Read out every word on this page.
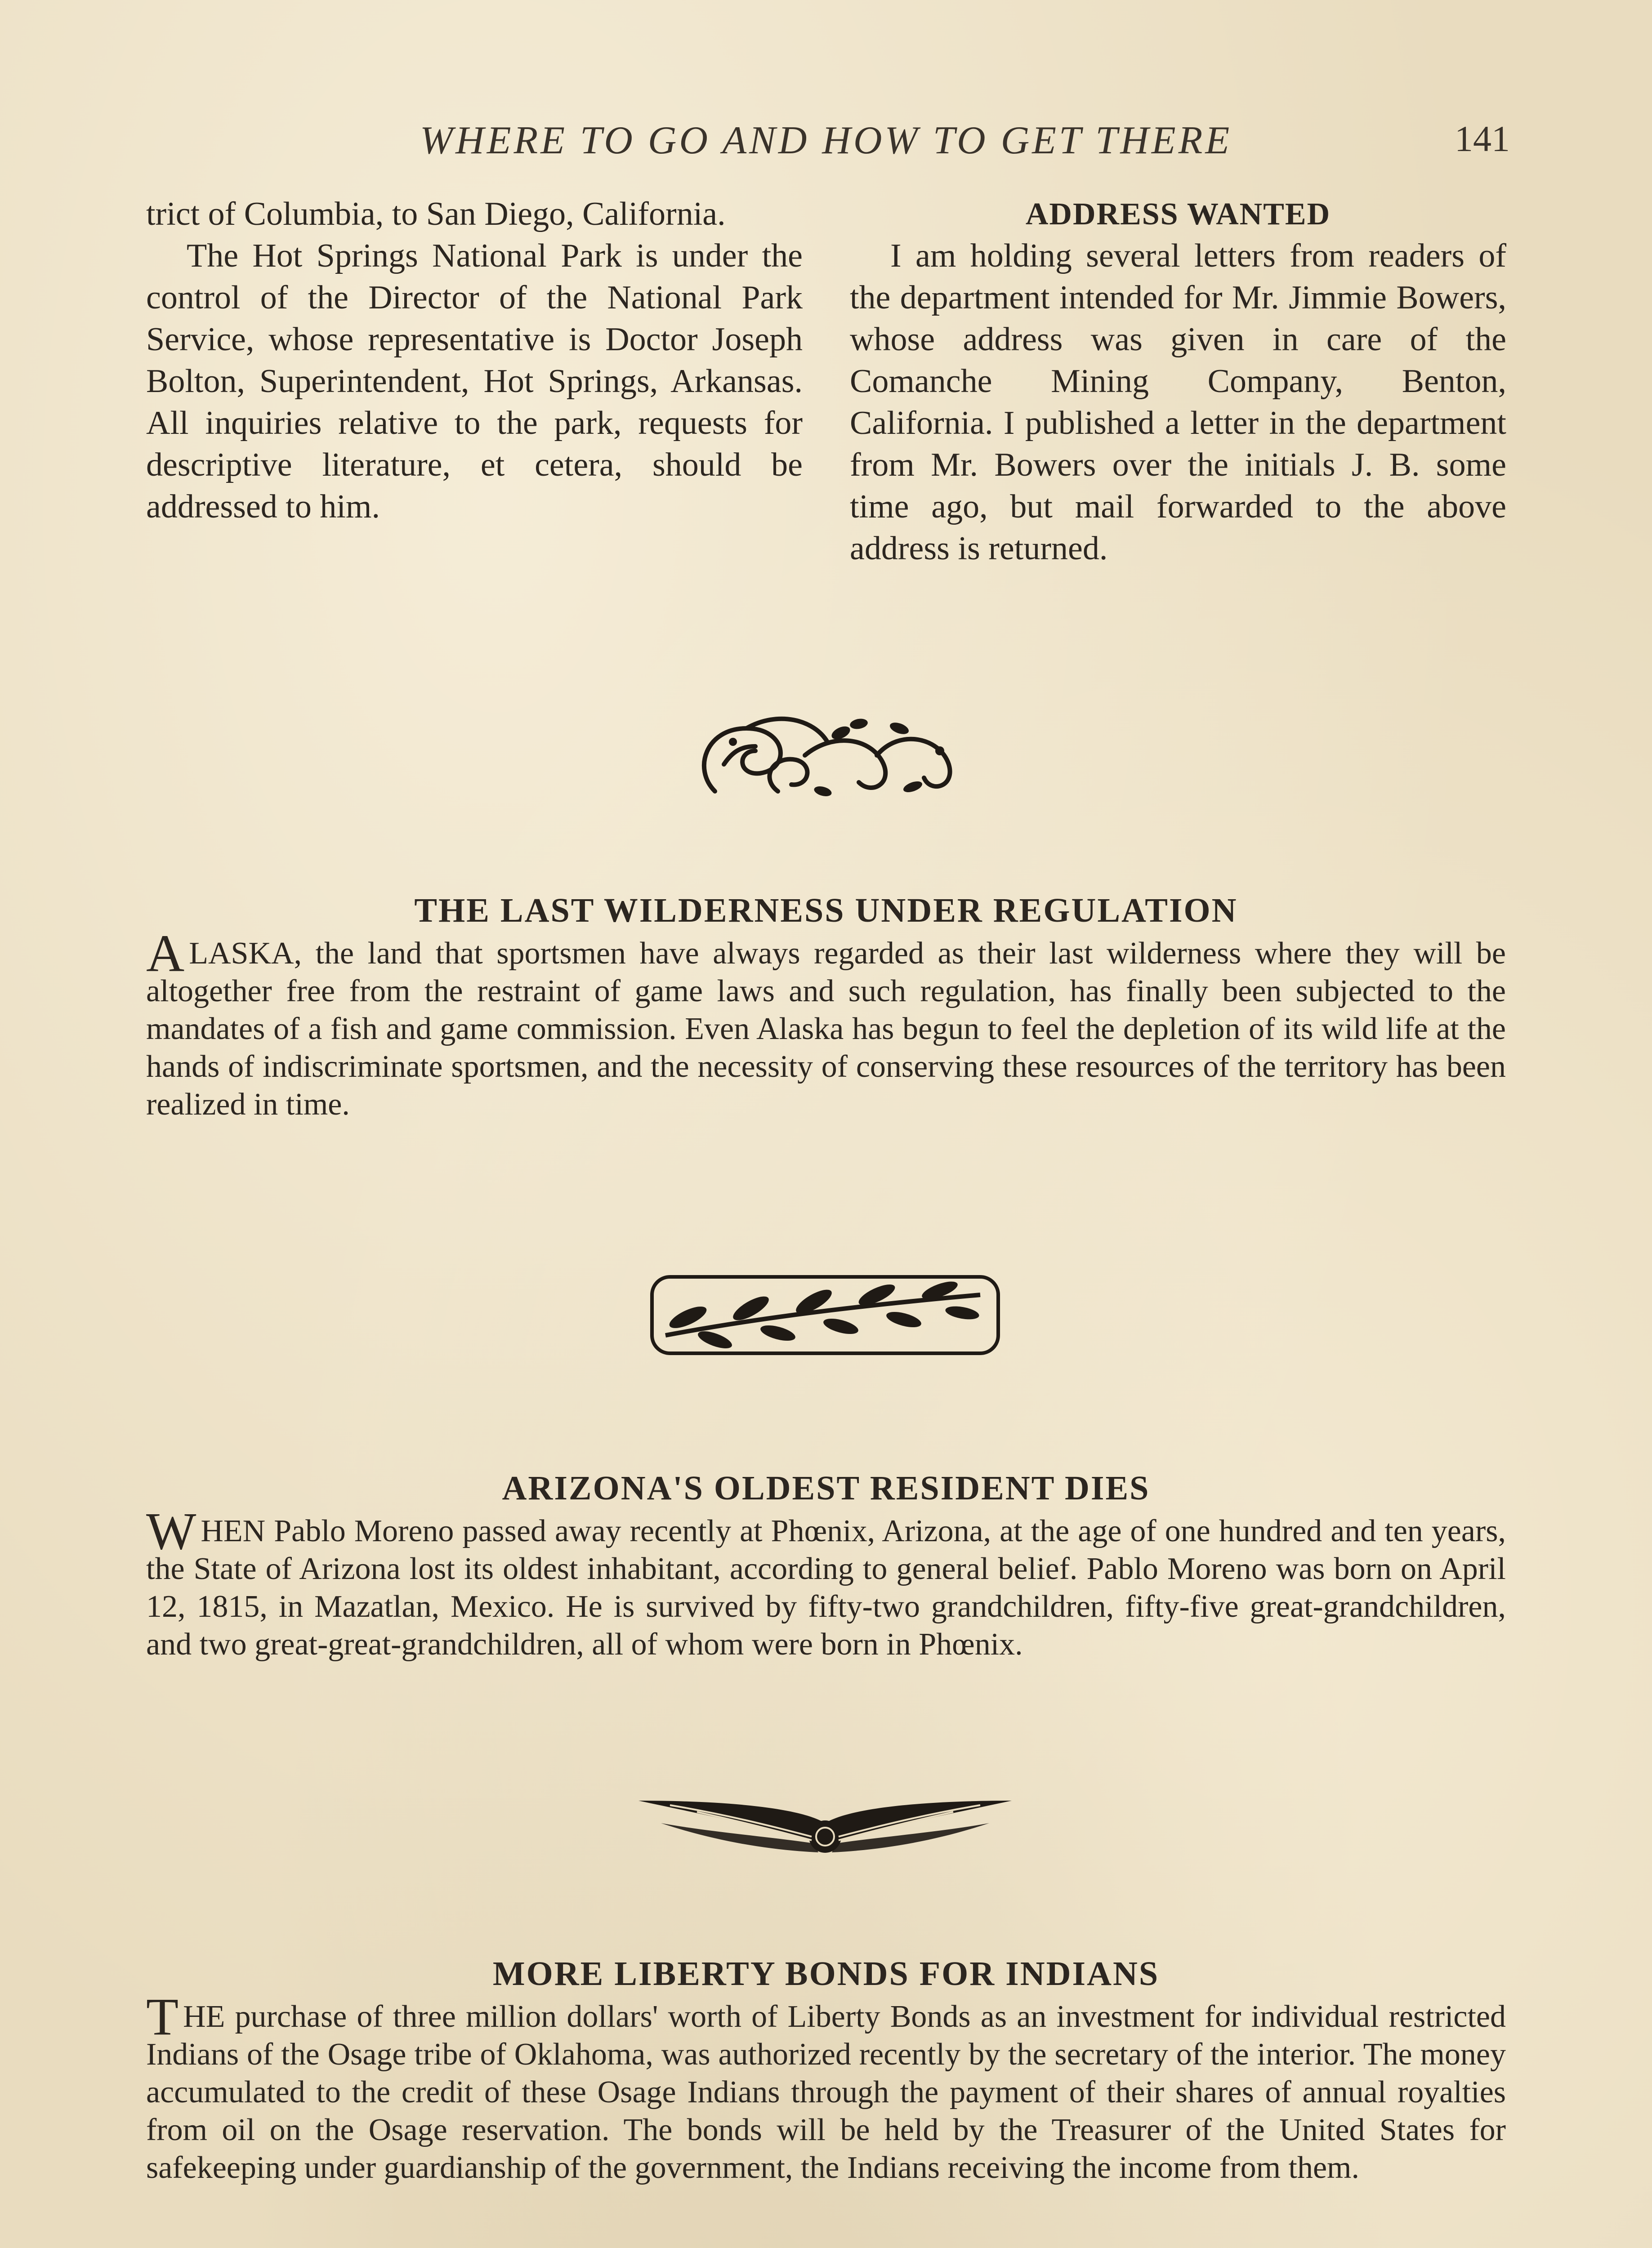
WHERE TO GO AND HOW TO GET THERE	141

trict of Columbia, to San Diego, California.

The Hot Springs National Park is under the control of the Director of the National Park Service, whose representative is Doctor Joseph Bolton, Superintendent, Hot Springs, Arkansas. All inquiries relative to the park, requests for descriptive literature, et cetera, should be addressed to him.

ADDRESS WANTED

I am holding several letters from readers of the department intended for Mr. Jimmie Bowers, whose address was given in care of the Comanche Mining Company, Benton, California. I published a letter in the department from Mr. Bowers over the initials J. B. some time ago, but mail forwarded to the above address is returned.

THE LAST WILDERNESS UNDER REGULATION
ALASKA, the land that sportsmen have always regarded as their last wilderness where they will be altogether free from the restraint of game laws and such regulation, has finally been subjected to the mandates of a fish and game commission. Even Alaska has begun to feel the depletion of its wild life at the hands of indiscriminate sportsmen, and the necessity of conserving these resources of the territory has been realized in time.
ARIZONA'S OLDEST RESIDENT DIES
WHEN Pablo Moreno passed away recently at Phœnix, Arizona, at the age of one hundred and ten years, the State of Arizona lost its oldest inhabitant, according to general belief. Pablo Moreno was born on April 12, 1815, in Mazatlan, Mexico. He is survived by fifty-two grandchildren, fifty-five great-grandchildren, and two great-great-grandchildren, all of whom were born in Phœnix.
MORE LIBERTY BONDS FOR INDIANS
THE purchase of three million dollars' worth of Liberty Bonds as an investment for individual restricted Indians of the Osage tribe of Oklahoma, was authorized recently by the secretary of the interior. The money accumulated to the credit of these Osage Indians through the payment of their shares of annual royalties from oil on the Osage reservation. The bonds will be held by the Treasurer of the United States for safekeeping under guardianship of the government, the Indians receiving the income from them.
